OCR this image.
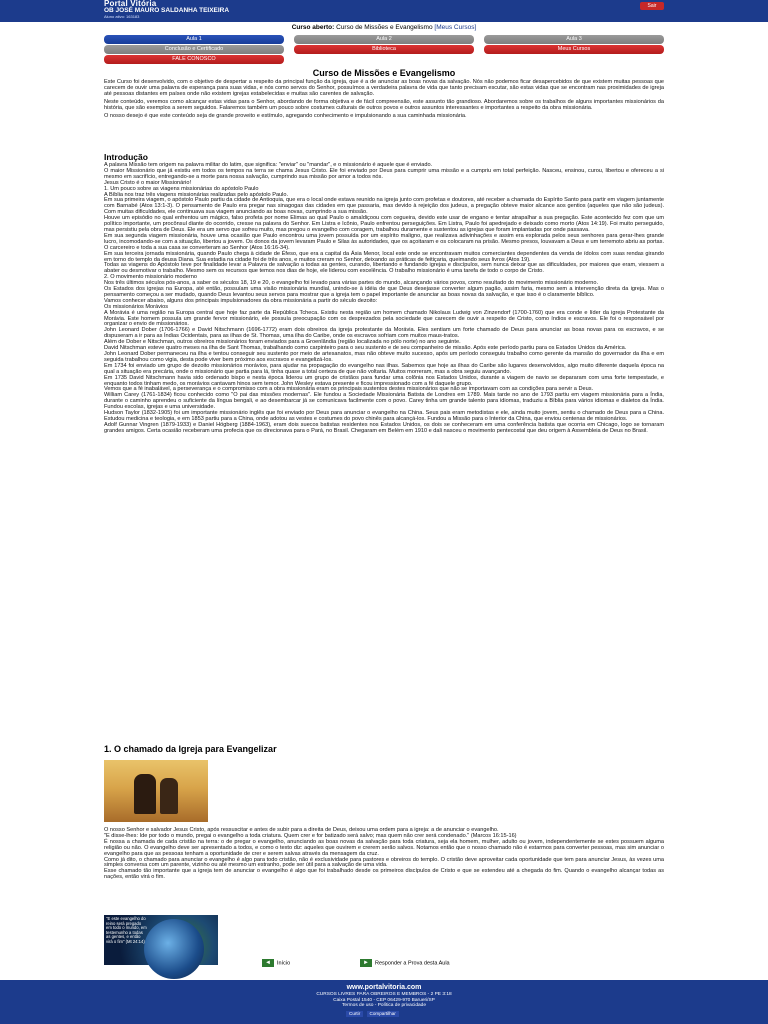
Portal Vitória
OB JOSÉ MAURO SALDANHA TEIXEIRA
Aluno ativo: 163183
Sair
Curso aberto: Curso de Missões e Evangelismo [Meus Cursos]
Aula 1	Aula 2	Aula 3
Conclusão e Certificado	Biblioteca	Meus Cursos
FALE CONOSCO
Curso de Missões e Evangelismo

Este Curso foi desenvolvido, com o objetivo de despertar a respeito da principal função da igreja, que é a de anunciar as boas novas da salvação. Nós não podemos ficar desapercebidos de que existem muitas pessoas que carecem de ouvir uma palavra de esperança para suas vidas, e nós como servos do Senhor, possuímos a verdadeira palavra de vida que tanto precisam escutar, são estas vidas que se encontram nas proximidades de igreja até pessoas distantes em países onde não existem igrejas estabelecidas e muitas são carentes de salvação.

Neste conteúdo, veremos como alcançar estas vidas para o Senhor, abordando de forma objetiva e de fácil compreensão, este assunto tão grandioso. Abordaremos sobre os trabalhos de alguns importantes missionários da história, que são exemplos a serem seguidos. Falaremos também um pouco sobre costumes culturais de outros povos e outros assuntos interessantes e importantes a respeito da obra missionária.

O nosso desejo é que este conteúdo seja de grande proveito e estímulo, agregando conhecimento e impulsionando a sua caminhada missionária.

Introdução

A palavra Missão tem origem na palavra militar do latim, que significa: "enviar" ou "mandar", e o missionário é aquele que é enviado.

O maior Missionário que já existiu em todos os tempos na terra se chama Jesus Cristo. Ele foi enviado por Deus para cumprir uma missão e a cumpriu em total perfeição. Nasceu, ensinou, curou, libertou e ofereceu a si mesmo em sacrifício, entregando-se a morte para nossa salvação, cumprindo sua missão por amor a todos nós.

Jesus Cristo é o maior Missionário!

1. Um pouco sobre as viagens missionárias do apóstolo Paulo

A Bíblia nos traz três viagens missionárias realizadas pelo apóstolo Paulo.

Em sua primeira viagem, o apóstolo Paulo partiu da cidade de Antioquia, que era o local onde estava reunido na igreja junto com profetas e doutores, até receber a chamada do Espírito Santo para partir em viagem juntamente com Barnabé (Atos 13:1-3). O pensamento de Paulo era pregar nas sinagogas das cidades em que passaria, mas devido à rejeição dos judeus, a pregação obteve maior alcance aos gentios (aqueles que não são judeus). Com muitas dificuldades, ele continuava sua viagem anunciando as boas novas, cumprindo a sua missão.

Houve um episódio no qual enfrentou um mágico, falso profeta por nome Elimas ao qual Paulo o amaldiçoou com cegueira, devido este usar de engano e tentar atrapalhar a sua pregação. Este acontecido fez com que um político importante, um procônsul diante do ocorrido, cresse na palavra do Senhor. Em Listra e Icônio, Paulo enfrentou perseguições. Em Listra, Paulo foi apedrejado e deixado como morto (Atos 14:19). Foi muito perseguido, mas persistiu pela obra de Deus. Ele era um servo que sofreu muito, mas pregou o evangelho com coragem, trabalhou duramente e sustentou as igrejas que foram implantadas por onde passava.

Em sua segunda viagem missionária, houve uma ocasião que Paulo encontrou uma jovem possuída por um espírito maligno, que realizava adivinhações e assim era explorada pelos seus senhores para gerar-lhes grande lucro, incomodando-se com a situação, libertou a jovem. Os donos da jovem levaram Paulo e Silas às autoridades, que os açoitaram e os colocaram na prisão. Mesmo presos, louvavam a Deus e um terremoto abriu as portas. O carcereiro e toda a sua casa se converteram ao Senhor (Atos 16:16-34).

Em sua terceira jornada missionária, quando Paulo chega à cidade de Éfeso, que era a capital da Ásia Menor, local este onde se encontravam muitos comerciantes dependentes da venda de ídolos com suas rendas girando em torno do templo da deusa Diana. Sua estadia na cidade foi de três anos, e muitos creram no Senhor, deixando as práticas de feitiçaria, queimando seus livros (Atos 19).

Todas as viagens do Apóstolo teve por finalidade levar a Palavra de salvação a todas as gentes, curando, libertando e fundando igrejas e discípulos, sem nunca deixar que as dificuldades, por maiores que eram, viessem a abater ou desmotivar o trabalho. Mesmo sem os recursos que temos nos dias de hoje, ele liderou com excelência. O trabalho missionário é uma tarefa de todo o corpo de Cristo.

2. O movimento missionário moderno

Nos três últimos séculos pós-anos, a saber os séculos 18, 19 e 20, o evangelho foi levado para várias partes do mundo, alcançando vários povos, como resultado do movimento missionário moderno.

Os Estados dos igrejas na Europa, até então, possuíam uma visão missionária mundial, unindo-se à idéia de que Deus desejasse converter algum pagão, assim faria, mesmo sem a intervenção direta da igreja. Mas o pensamento começou a ser mudado, quando Deus levantou seus servos para mostrar que a igreja tem o papel importante de anunciar as boas novas da salvação, e que isso é o claramente bíblico.

Vamos conhecer abaixo, alguns dos principais impulsionadores da obra missionária a partir do século dezoito:

Os missionários Morávios

A Morávia é uma região na Europa central que hoje faz parte da República Tcheca. Existiu nesta região um homem chamado Nikolaus Ludwig von Zinzendorf (1700-1760) que era conde e líder da igreja Protestante da Morávia. Este homem possuía um grande fervor missionário, ele possuía preocupação com os desprezados pela sociedade que carecem de ouvir a respeito de Cristo, como índios e escravos. Ele foi o responsável por organizar o envio de missionários.

John Leonard Dober (1706-1766) e David Nitschmann (1696-1772) eram dois obreiros da igreja protestante da Morávia. Eles sentiam um forte chamado de Deus para anunciar as boas novas para os escravos, e se dispuseram a ir para as Índias Ocidentais, para as ilhas de St. Thomas, uma ilha do Caribe, onde os escravos sofriam com muitos maus-tratos.

Além de Dober e Nitschman, outros obreiros missionários foram enviados para a Groenlândia (região localizada no pólo norte) no ano seguinte.

David Nitschman esteve quatro meses na ilha de Sant Thomas, trabalhando como carpinteiro para o seu sustento e de seu companheiro de missão. Após este período partiu para os Estados Unidos da América.

John Leonard Dober permaneceu na ilha e tentou conseguir seu sustento por meio de artesanatos, mas não obteve muito sucesso, após um período conseguiu trabalho como gerente da mansão do governador da ilha e em seguida trabalhou como vigia, desta pode viver bem próximo aos escravos e evangelizá-los.

Em 1734 foi enviado um grupo de dezoito missionários morávios, para ajudar na propagação do evangelho nas ilhas. Sabemos que hoje as ilhas do Caribe são lugares desenvolvidos, algo muito diferente daquela época na qual a situação era precária, onde o missionário que partia para lá, tinha quase a total certeza de que não voltaria. Muitos morreram, mas a obra seguiu avançando.

Em 1735 David Nitschmann havia sido ordenado bispo e nesta época liderou um grupo de cristãos para fundar uma colônia nos Estados Unidos, durante a viagem de navio se depararam com uma forte tempestade, e enquanto todos tinham medo, os morávios cantavam hinos sem temor. John Wesley estava presente e ficou impressionado com a fé daquele grupo.

Vemos que a fé inabalável, a perseverança e o compromisso com a obra missionária eram os principais sustentos destes missionários que não se importavam com as condições para servir a Deus.

William Carey (1761-1834) ficou conhecido como "O pai das missões modernas". Ele fundou a Sociedade Missionária Batista de Londres em 1789. Mais tarde no ano de 1793 partiu em viagem missionária para a Índia, durante o caminho aprendeu o suficiente da língua bengali, e ao desembarcar já se comunicava facilmente com o povo. Carey tinha um grande talento para idiomas, traduziu a Bíblia para vários idiomas e dialetos da Índia. Fundou escolas, igrejas e uma universidade.

Hudson Taylor (1832-1905) foi um importante missionário inglês que foi enviado por Deus para anunciar o evangelho na China. Seus pais eram metodistas e ele, ainda muito jovem, sentiu o chamado de Deus para a China. Estudou medicina e teologia, e em 1853 partiu para a China, onde adotou as vestes e costumes do povo chinês para alcançá-los. Fundou a Missão para o Interior da China, que enviou centenas de missionários.

Adolf Gunnar Vingren (1879-1933) e Daniel Högberg (1884-1963), eram dois suecos batistas residentes nos Estados Unidos, os dois se conheceram em uma conferência batista que ocorria em Chicago, logo se tornaram grandes amigos. Certa ocasião receberam uma profecia que os direcionava para o Pará, no Brasil. Chegaram em Belém em 1910 e dali nasceu o movimento pentecostal que deu origem à Assembleia de Deus no Brasil.

1. O chamado da Igreja para Evangelizar

O nosso Senhor e salvador Jesus Cristo, após ressuscitar e antes de subir para a direita de Deus, deixou uma ordem para a igreja: a de anunciar o evangelho.

"E disse-lhes: Ide por todo o mundo, pregai o evangelho a toda criatura. Quem crer e for batizado será salvo; mas quem não crer será condenado." (Marcos 16:15-16)

É nossa a chamada de cada cristão na terra: o de pregar o evangelho, anunciando as boas novas da salvação para toda criatura, seja ela homem, mulher, adulto ou jovem, independentemente se estes possuem alguma religião ou não. O evangelho deve ser apresentado a todos, e como o texto diz: aqueles que ouvirem e crerem serão salvos. Notamos então que o nosso chamado não é estarmos para converter pessoas, mas sim anunciar o evangelho para que as pessoas tenham a oportunidade de crer e serem salvas através da mensagem da cruz.

Como já dito, o chamado para anunciar o evangelho é algo para todo cristão, não é exclusividade para pastores e obreiros do templo. O cristão deve aproveitar cada oportunidade que tem para anunciar Jesus, às vezes uma simples conversa com um parente, vizinho ou até mesmo um estranho, pode ser útil para a salvação de uma vida.

Esse chamado tão importante que a igreja tem de anunciar o evangelho é algo que foi trabalhado desde os primeiros discípulos de Cristo e que se estendeu até a chegada do fim. Quando o evangelho alcançar todas as nações, então virá o fim.

"E este evangelho do reino será pregado em todo o mundo, em testemunho a todas as gentes, e então virá o fim" (Mt 24:14)
◄ Início	► Responder a Prova desta Aula
www.portalvitoria.com
CURSOS LIVRES PARA OBREIROS E MEMBROS - 2 PE 3:18
Caixa Postal 1540 - CEP 06429-970 Barueri/SP
Termos de uso - Política de privacidade
Curtir Compartilhar
